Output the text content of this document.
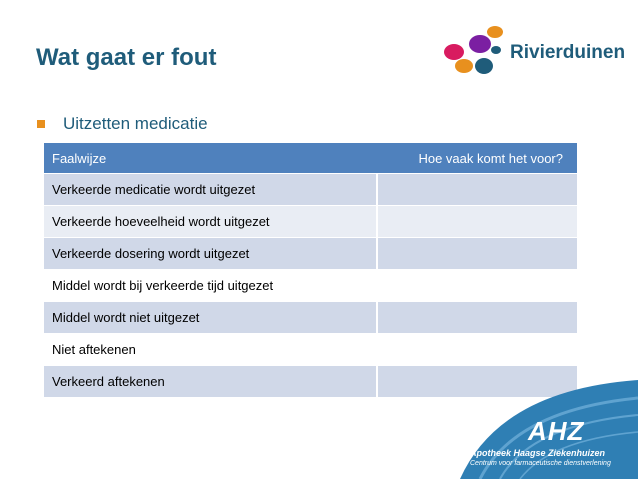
Wat gaat er fout	Rivierduinen
Uitzetten medicatie
Faalwijze	Hoe vaak komt het voor?
Verkeerde medicatie wordt uitgezet	
Verkeerde hoeveelheid wordt uitgezet	
Verkeerde dosering wordt uitgezet	
Middel wordt bij verkeerde tijd uitgezet	
Middel wordt niet uitgezet	
Niet aftekenen	
Verkeerd aftekenen	
AHZ
Apotheek Haagse Ziekenhuizen
Centrum voor farmaceutische dienstverlening
